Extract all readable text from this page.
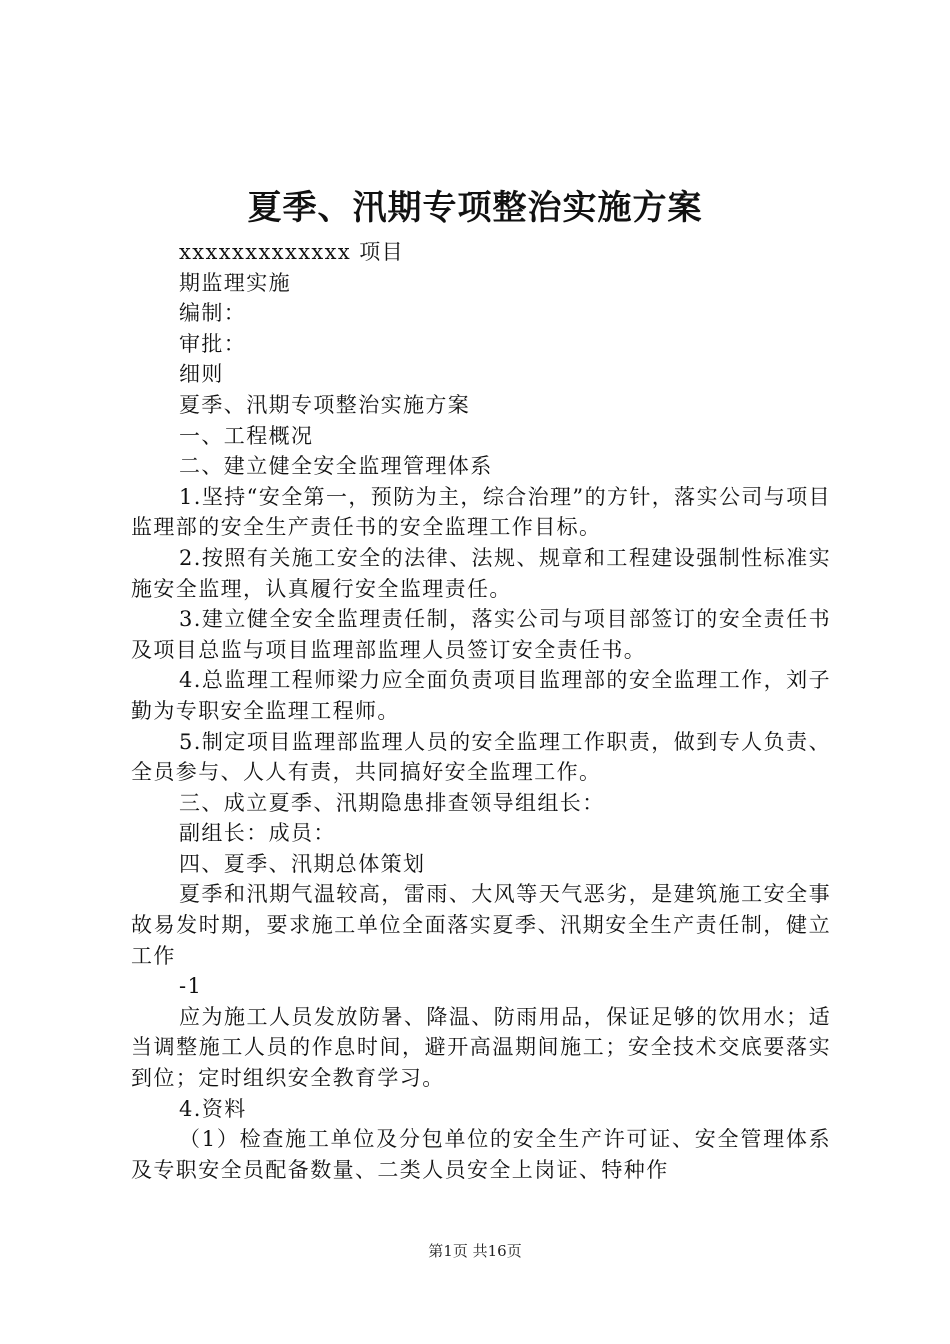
夏季、汛期专项整治实施方案

xxxxxxxxxxxxx 项目

期监理实施

编制：

审批：

细则

夏季、汛期专项整治实施方案

一、工程概况

二、建立健全安全监理管理体系

1.坚持“安全第一，预防为主，综合治理”的方针，落实公司与项目监理部的安全生产责任书的安全监理工作目标。

2.按照有关施工安全的法律、法规、规章和工程建设强制性标准实施安全监理，认真履行安全监理责任。

3.建立健全安全监理责任制，落实公司与项目部签订的安全责任书及项目总监与项目监理部监理人员签订安全责任书。

4.总监理工程师梁力应全面负责项目监理部的安全监理工作，刘子勤为专职安全监理工程师。

5.制定项目监理部监理人员的安全监理工作职责，做到专人负责、全员参与、人人有责，共同搞好安全监理工作。

三、成立夏季、汛期隐患排查领导组组长：

副组长：成员：

四、夏季、汛期总体策划

夏季和汛期气温较高，雷雨、大风等天气恶劣，是建筑施工安全事故易发时期，要求施工单位全面落实夏季、汛期安全生产责任制，健立工作

-1

应为施工人员发放防暑、降温、防雨用品，保证足够的饮用水；适当调整施工人员的作息时间，避开高温期间施工；安全技术交底要落实到位；定时组织安全教育学习。

4.资料

（1）检查施工单位及分包单位的安全生产许可证、安全管理体系及专职安全员配备数量、二类人员安全上岗证、特种作

第1页 共16页
